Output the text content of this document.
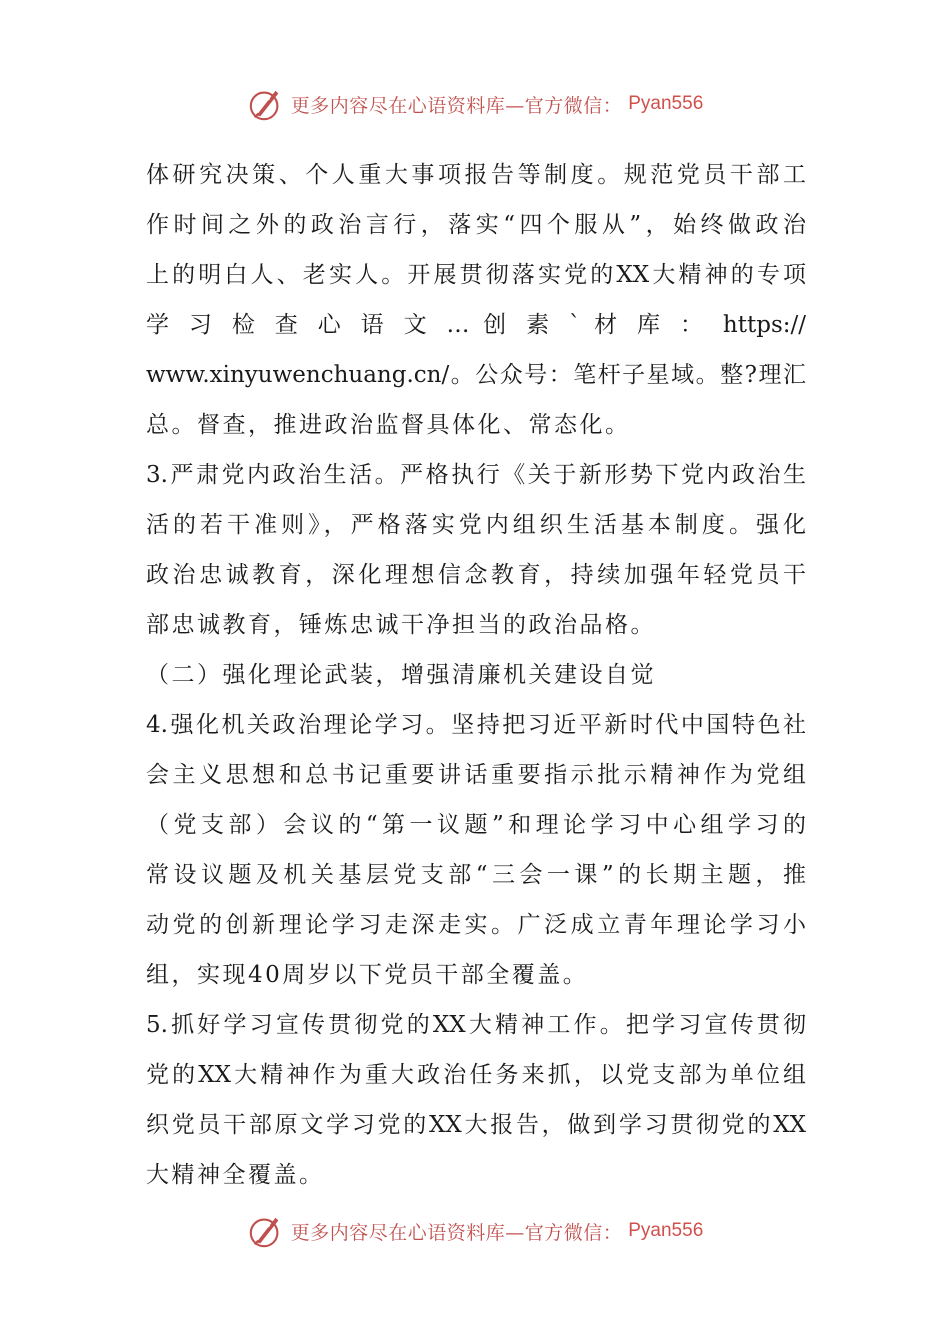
更多内容尽在心语资料库—官方微信： Pyan556
体研究决策、个人重大事项报告等制度。规范党员干部工
作时间之外的政治言行，落实“四个服从”，始终做政治
上的明白人、老实人。开展贯彻落实党的XX大精神的专项
学 习 检 查 心 语 文 … 创 素 ` 材 库 ： https://
www.xinyuwenchuang.cn/。公众号：笔杆子星域。整?理汇
总。督查，推进政治监督具体化、常态化。
3.严肃党内政治生活。严格执行《关于新形势下党内政治生
活的若干准则》，严格落实党内组织生活基本制度。强化
政治忠诚教育，深化理想信念教育，持续加强年轻党员干
部忠诚教育，锤炼忠诚干净担当的政治品格。
（二）强化理论武装，增强清廉机关建设自觉
4.强化机关政治理论学习。坚持把习近平新时代中国特色社
会主义思想和总书记重要讲话重要指示批示精神作为党组
（党支部）会议的“第一议题”和理论学习中心组学习的
常设议题及机关基层党支部“三会一课”的长期主题，推
动党的创新理论学习走深走实。广泛成立青年理论学习小
组，实现40周岁以下党员干部全覆盖。
5.抓好学习宣传贯彻党的XX大精神工作。把学习宣传贯彻
党的XX大精神作为重大政治任务来抓，以党支部为单位组
织党员干部原文学习党的XX大报告，做到学习贯彻党的XX
大精神全覆盖。
更多内容尽在心语资料库—官方微信： Pyan556
